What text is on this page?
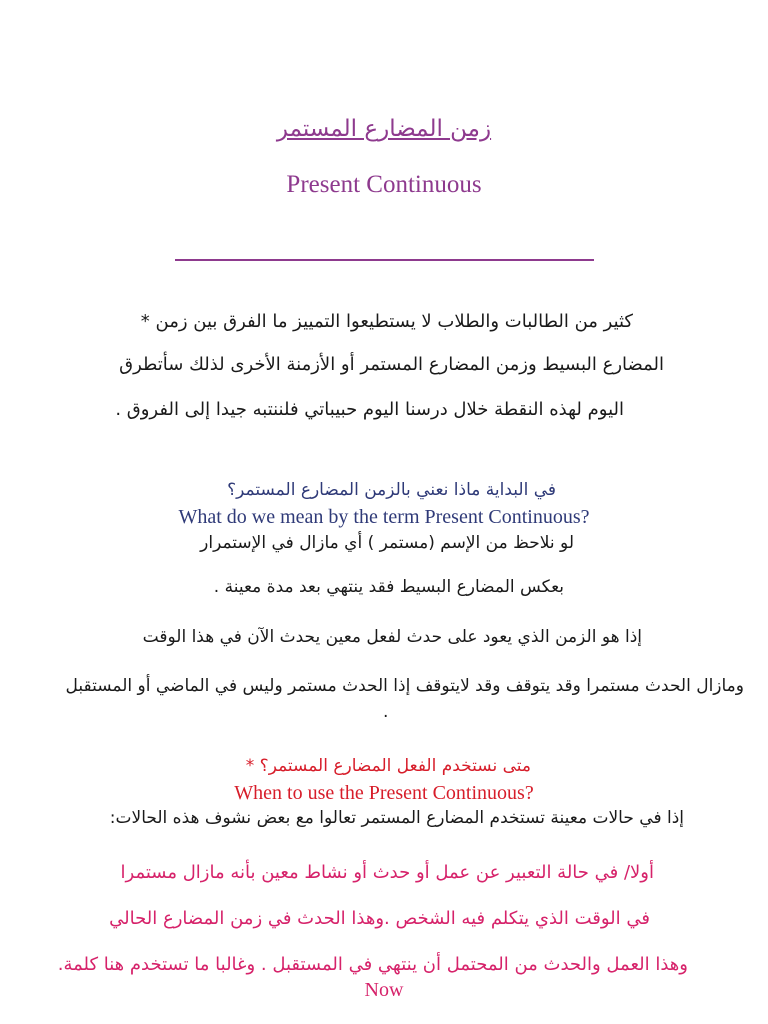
زمن المضارع المستمر
Present Continuous
كثير من الطالبات والطلاب لا يستطيعوا التمييز ما الفرق بين زمن *
المضارع البسيط وزمن المضارع المستمر أو الأزمنة الأخرى لذلك سأتطرق
اليوم لهذه النقطة خلال درسنا اليوم حبيباتي فلننتبه جيدا إلى الفروق .
في البداية ماذا نعني بالزمن المضارع المستمر؟
What do we mean by the term Present Continuous?
لو نلاحظ من الإسم (مستمر ) أي مازال في الإستمرار
بعكس المضارع البسيط فقد ينتهي بعد مدة معينة .
إذا هو الزمن الذي يعود على حدث لفعل معين يحدث الآن في هذا الوقت
ومازال الحدث مستمرا وقد يتوقف وقد لايتوقف إذا الحدث مستمر وليس في الماضي أو المستقبل
.
متى نستخدم الفعل المضارع المستمر؟ *
When to use the Present Continuous?
إذا في حالات معينة تستخدم المضارع المستمر تعالوا مع بعض نشوف هذه الحالات:
أولا/ في حالة التعبير عن عمل أو حدث أو نشاط معين بأنه مازال مستمرا
في الوقت الذي يتكلم فيه الشخص .وهذا الحدث في زمن المضارع الحالي
وهذا العمل والحدث من المحتمل أن ينتهي في المستقبل . وغالبا ما تستخدم هنا كلمة.
Now
